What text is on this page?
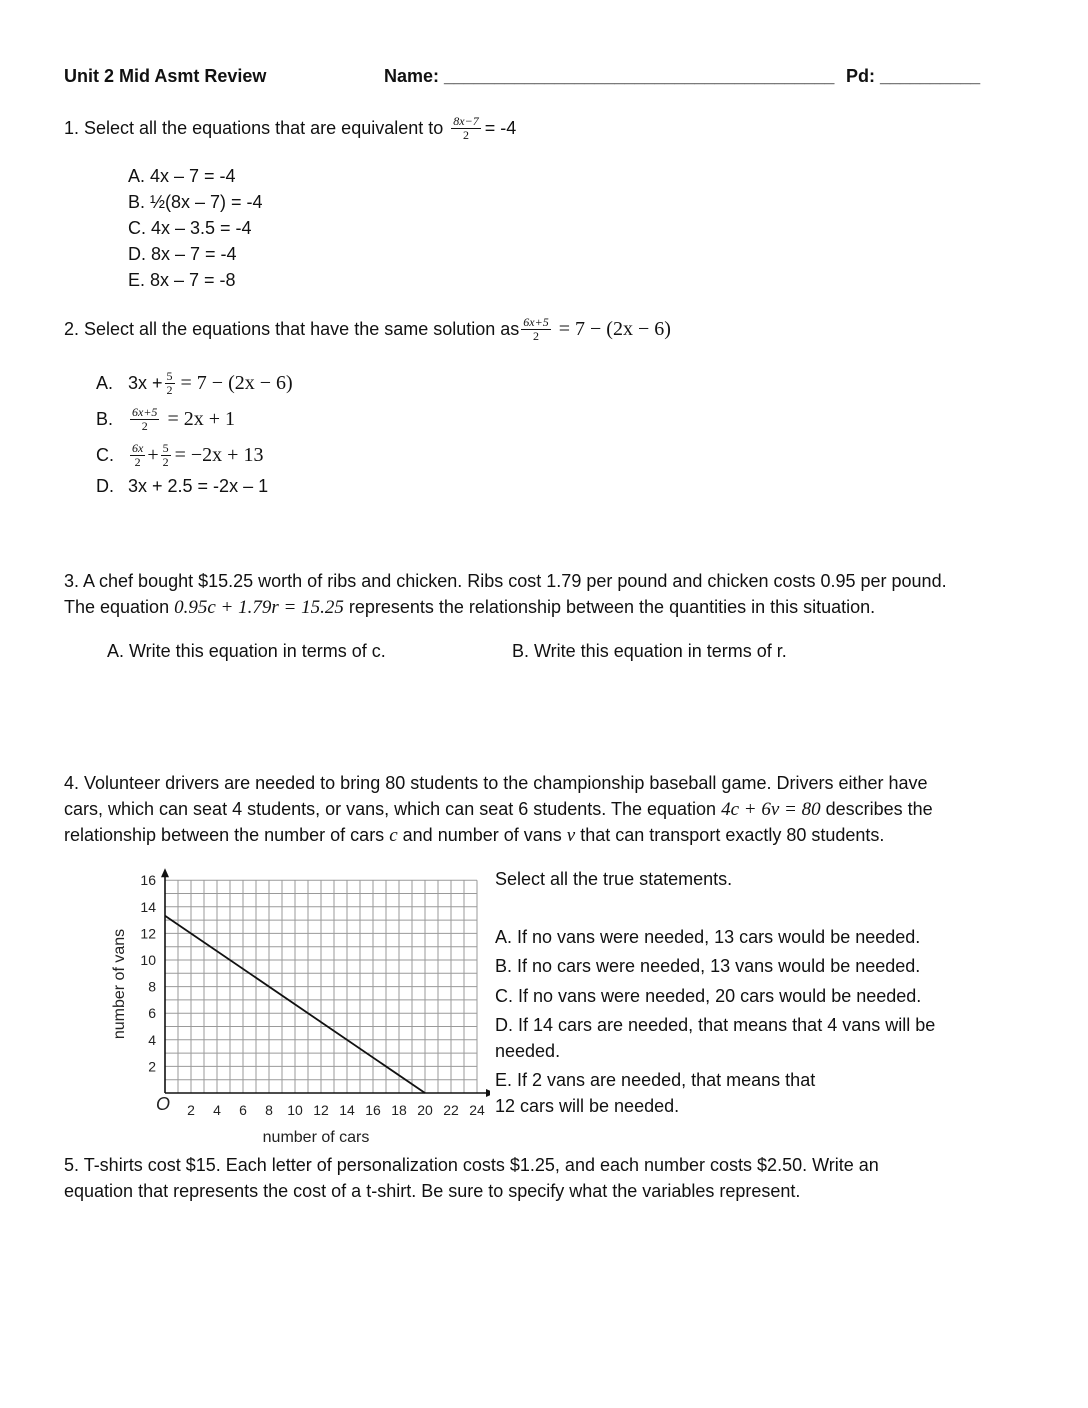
Unit 2 Mid Asmt Review	Name: _______________________________________ Pd: __________
1. Select all the equations that are equivalent to $\frac{8x-7}{2} = -4$
A. 4x – 7 = -4
B. ½(8x – 7) = -4
C. 4x – 3.5 = -4
D. 8x – 7 = -4
E. 8x – 7 = -8
2. Select all the equations that have the same solution as $\frac{6x+5}{2} = 7 - (2x - 6)$
A. $3x + \frac{5}{2} = 7 - (2x - 6)$
B.	$\frac{6x+5}{2} = 2x + 1$
C.	$\frac{6x}{2} + \frac{5}{2} = -2x + 13$
D. 3x + 2.5 = -2x – 1
3. A chef bought $15.25 worth of ribs and chicken. Ribs cost 1.79 per pound and chicken costs 0.95 per pound.
The equation 0.95c + 1.79r = 15.25 represents the relationship between the quantities in this situation.
A. Write this equation in terms of c.	B. Write this equation in terms of r.
4. Volunteer drivers are needed to bring 80 students to the championship baseball game. Drivers either have
cars, which can seat 4 students, or vans, which can seat 6 students. The equation 4c + 6v = 80 describes the
relationship between the number of cars c and number of vans v that can transport exactly 80 students.
2 4 6 8 10 12 14 16 18 20 22 24
2
4
6
8
10
12
14
16
number of cars
number of vans
O
Select all the true statements.
A. If no vans were needed, 13 cars would be needed.
B. If no cars were needed, 13 vans would be needed.
C. If no vans were needed, 20 cars would be needed.
D. If 14 cars are needed, that means that 4 vans will be
needed.
E. If 2 vans are needed, that means that
12 cars will be needed.
5. T-shirts cost $15. Each letter of personalization costs $1.25, and each number costs $2.50. Write an
equation that represents the cost of a t-shirt. Be sure to specify what the variables represent.
